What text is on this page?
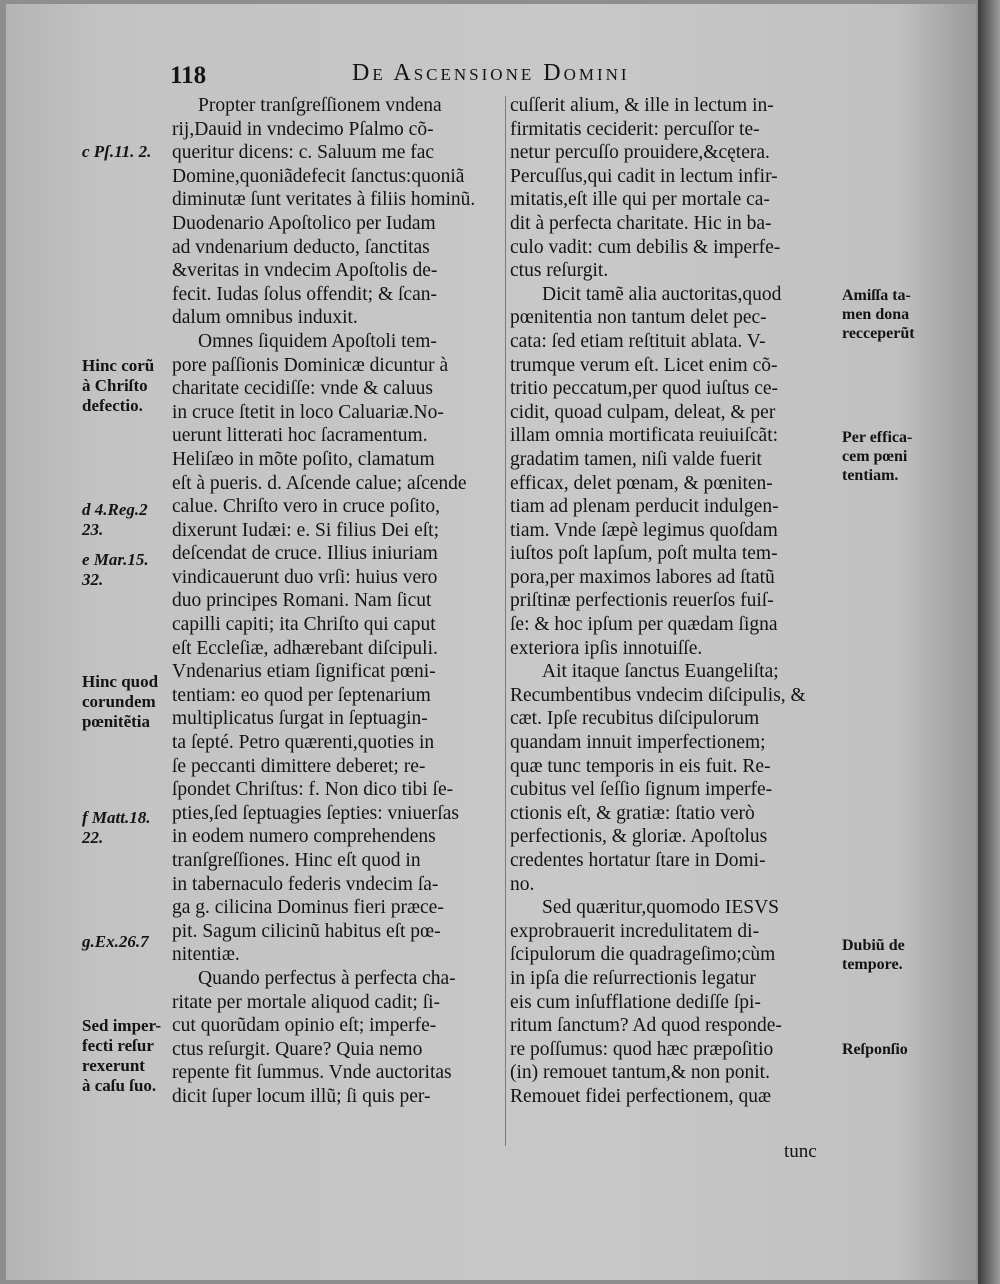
118	De Ascensione Domini
Propter tranſgreſſionem vndena
rij,Dauid in vndecimo Pſalmo cõ-
queritur dicens: c. Saluum me fac
Domine,quoniãdefecit ſanctus:quoniã
diminutæ ſunt veritates à filiis hominũ.
Duodenario Apoſtolico per Iudam
ad vndenarium deducto, ſanctitas
&veritas in vndecim Apoſtolis de-
fecit. Iudas ſolus offendit; & ſcan-
dalum omnibus induxit.
Omnes ſiquidem Apoſtoli tem-
pore paſſionis Dominicæ dicuntur à
charitate cecidiſſe: vnde & caluus
in cruce ſtetit in loco Caluariæ.No-
uerunt litterati hoc ſacramentum.
Heliſæo in mõte poſito, clamatum
eſt à pueris. d. Aſcende calue; aſcende
calue. Chriſto vero in cruce poſito,
dixerunt Iudæi: e. Si filius Dei eſt;
deſcendat de cruce. Illius iniuriam
vindicauerunt duo vrſi: huius vero
duo principes Romani. Nam ſicut
capilli capiti; ita Chriſto qui caput
eſt Eccleſiæ, adhærebant diſcipuli.
Vndenarius etiam ſignificat pœni-
tentiam: eo quod per ſeptenarium
multiplicatus ſurgat in ſeptuagin-
ta ſepté. Petro quærenti,quoties in
ſe peccanti dimittere deberet; re-
ſpondet Chriſtus: f. Non dico tibi ſe-
pties,ſed ſeptuagies ſepties: vniuerſas
in eodem numero comprehendens
tranſgreſſiones. Hinc eſt quod in
in tabernaculo federis vndecim ſa-
ga g. cilicina Dominus fieri præce-
pit. Sagum cilicinũ habitus eſt pœ-
nitentiæ.
Quando perfectus à perfecta cha-
ritate per mortale aliquod cadit; ſi-
cut quorũdam opinio eſt; imperfe-
ctus reſurgit. Quare? Quia nemo
repente fit ſummus. Vnde auctoritas
dicit ſuper locum illũ; ſi quis per-
cuſſerit alium, & ille in lectum in-
firmitatis ceciderit: percuſſor te-
netur percuſſo prouidere,&cętera.
Percuſſus,qui cadit in lectum infir-
mitatis,eſt ille qui per mortale ca-
dit à perfecta charitate. Hic in ba-
culo vadit: cum debilis & imperfe-
ctus reſurgit.
Dicit tamẽ alia auctoritas,quod
pœnitentia non tantum delet pec-
cata: ſed etiam reſtituit ablata. V-
trumque verum eſt. Licet enim cõ-
tritio peccatum,per quod iuſtus ce-
cidit, quoad culpam, deleat, & per
illam omnia mortificata reuiuiſcãt:
gradatim tamen, niſi valde fuerit
efficax, delet pœnam, & pœniten-
tiam ad plenam perducit indulgen-
tiam. Vnde ſæpè legimus quoſdam
iuſtos poſt lapſum, poſt multa tem-
pora,per maximos labores ad ſtatũ
priſtinæ perfectionis reuerſos fuiſ-
ſe: & hoc ipſum per quædam ſigna
exteriora ipſis innotuiſſe.
Ait itaque ſanctus Euangeliſta;
Recumbentibus vndecim diſcipulis, &
cæt. Ipſe recubitus diſcipulorum
quandam innuit imperfectionem;
quæ tunc temporis in eis fuit. Re-
cubitus vel ſeſſio ſignum imperfe-
ctionis eſt, & gratiæ: ſtatio verò
perfectionis, & gloriæ. Apoſtolus
credentes hortatur ſtare in Domi-
no.
Sed quæritur,quomodo IESVS
exprobrauerit incredulitatem di-
ſcipulorum die quadrageſimo;cùm
in ipſa die reſurrectionis legatur
eis cum inſufflatione dediſſe ſpi-
ritum ſanctum? Ad quod responde-
re poſſumus: quod hæc præpoſitio
(in) remouet tantum,& non ponit.
Remouet fidei perfectionem, quæ
tunc
c Pſ.11. 2.
Hinc corũ
à Chriſto
defectio.
d 4.Reg.2
23.
e Mar.15.
32.
Hinc quod
corundem
pœnitẽtia
f Matt.18.
22.
g.Ex.26.7
Sed imper-
fecti reſur
rexerunt
à caſu ſuo.
Amiſſa ta-
men dona
recceperũt
Per effica-
cem pœni
tentiam.
Dubiũ de
tempore.
Reſponſio
